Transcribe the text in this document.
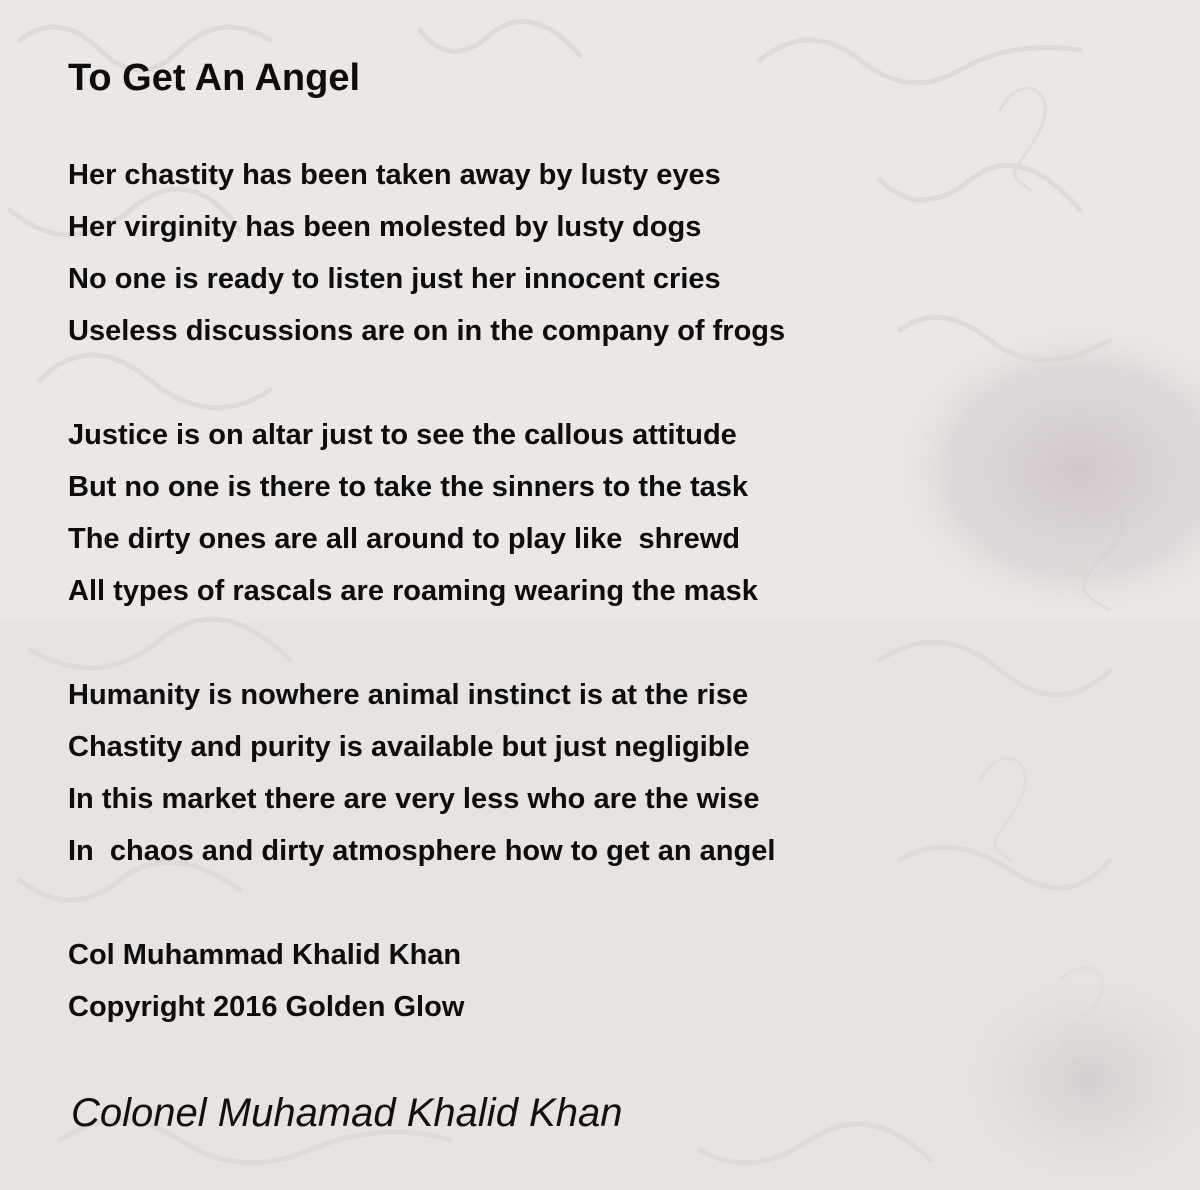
To Get An Angel
Her chastity has been taken away by lusty eyes
Her virginity has been molested by lusty dogs
No one is ready to listen just her innocent cries
Useless discussions are on in the company of frogs
Justice is on altar just to see the callous attitude
But no one is there to take the sinners to the task
The dirty ones are all around to play like  shrewd
All types of rascals are roaming wearing the mask
Humanity is nowhere animal instinct is at the rise
Chastity and purity is available but just negligible
In this market there are very less who are the wise
In  chaos and dirty atmosphere how to get an angel
Col Muhammad Khalid Khan
Copyright 2016 Golden Glow
Colonel Muhamad Khalid Khan
